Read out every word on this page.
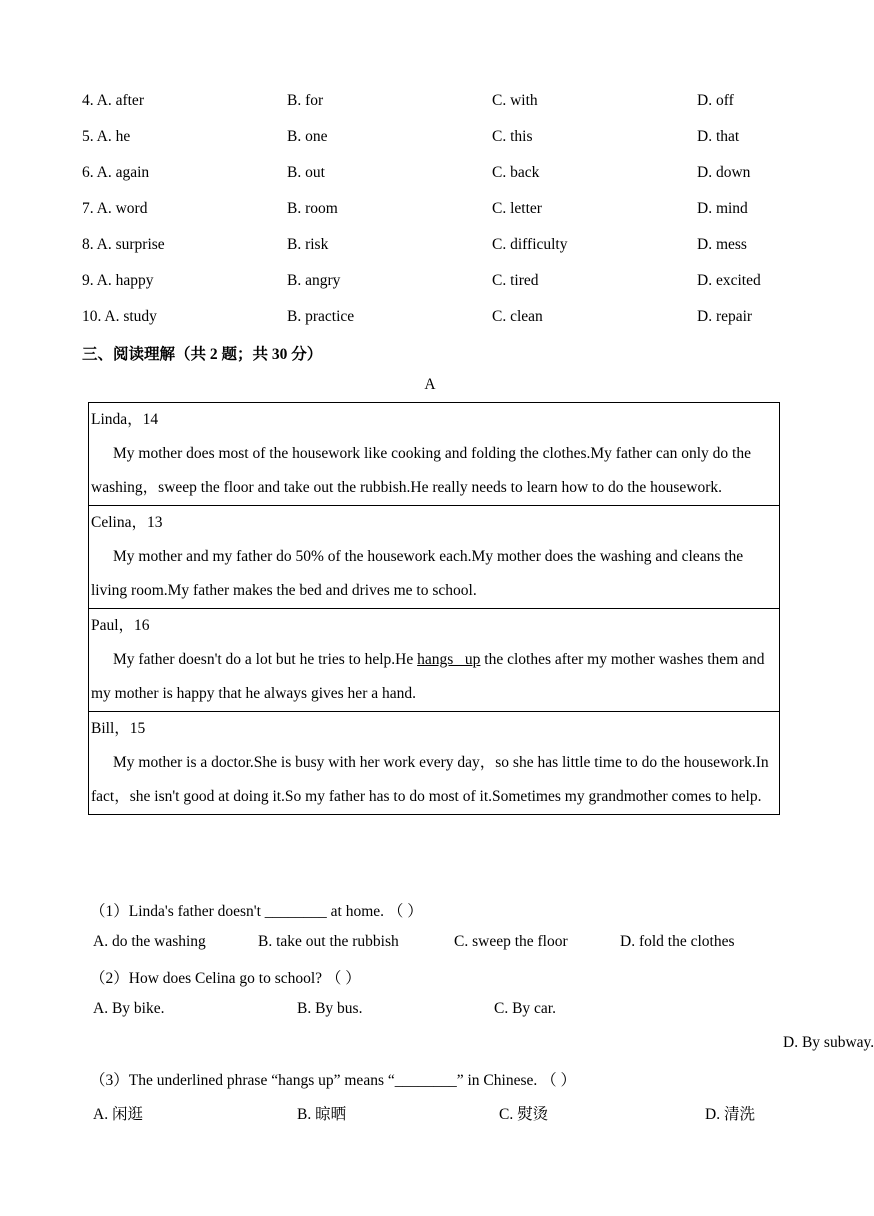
4. A. after	B. for	C. with	D. off
5. A. he	B. one	C. this	D. that
6. A. again	B. out	C. back	D. down
7. A. word	B. room	C. letter	D. mind
8. A. surprise	B. risk	C. difficulty	D. mess
9. A. happy	B. angry	C. tired	D. excited
10. A. study	B. practice	C. clean	D. repair
三、阅读理解（共 2 题；共 30 分）
A
Linda，14
My mother does most of the housework like cooking and folding the clothes.My father can only do the washing，sweep the floor and take out the rubbish.He really needs to learn how to do the housework.
Celina，13
My mother and my father do 50% of the housework each.My mother does the washing and cleans the living room.My father makes the bed and drives me to school.
Paul，16
My father doesn't do a lot but he tries to help.He hangs   up the clothes after my mother washes them and my mother is happy that he always gives her a hand.
Bill，15
My mother is a doctor.She is busy with her work every day，so she has little time to do the housework.In fact，she isn't good at doing it.So my father has to do most of it.Sometimes my grandmother comes to help.
（1）Linda's father doesn't ________ at home. （ ）
A. do the washing	B. take out the rubbish	C. sweep the floor	D. fold the clothes
（2）How does Celina go to school? （ ）
A. By bike.	B. By bus.	C. By car.
D. By subway.
（3）The underlined phrase “hangs up” means “________” in Chinese. （ ）
A. 闲逛	B. 晾晒	C. 熨烫	D. 清洗
